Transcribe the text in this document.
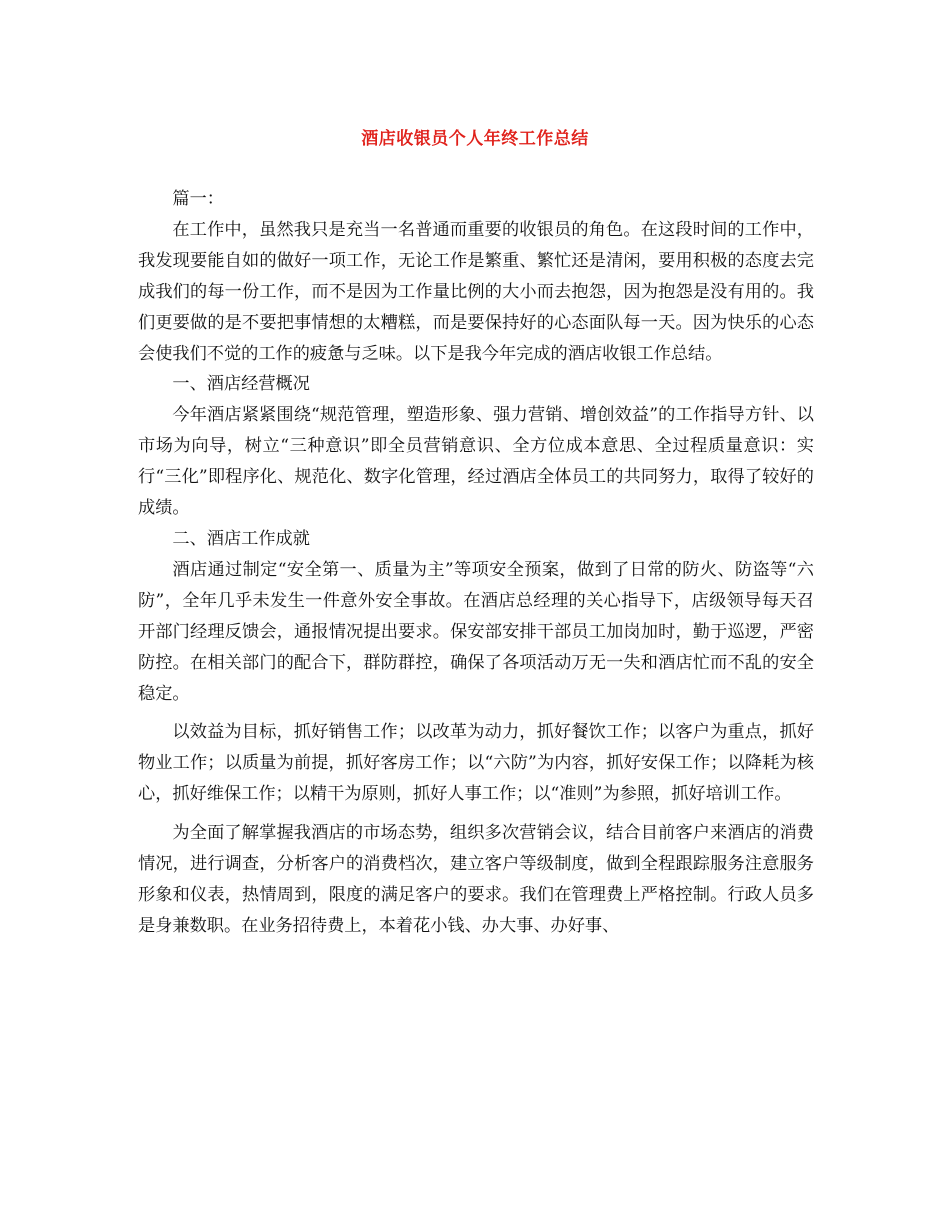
酒店收银员个人年终工作总结

篇一：

在工作中，虽然我只是充当一名普通而重要的收银员的角色。在这段时间的工作中，我发现要能自如的做好一项工作，无论工作是繁重、繁忙还是清闲，要用积极的态度去完成我们的每一份工作，而不是因为工作量比例的大小而去抱怨，因为抱怨是没有用的。我们更要做的是不要把事情想的太糟糕，而是要保持好的心态面队每一天。因为快乐的心态会使我们不觉的工作的疲惫与乏味。以下是我今年完成的酒店收银工作总结。

一、酒店经营概况

今年酒店紧紧围绕“规范管理，塑造形象、强力营销、增创效益”的工作指导方针、以市场为向导，树立“三种意识”即全员营销意识、全方位成本意思、全过程质量意识：实行“三化”即程序化、规范化、数字化管理，经过酒店全体员工的共同努力，取得了较好的成绩。

二、酒店工作成就

酒店通过制定“安全第一、质量为主”等项安全预案，做到了日常的防火、防盗等“六防”，全年几乎未发生一件意外安全事故。在酒店总经理的关心指导下，店级领导每天召开部门经理反馈会，通报情况提出要求。保安部安排干部员工加岗加时，勤于巡逻，严密防控。在相关部门的配合下，群防群控，确保了各项活动万无一失和酒店忙而不乱的安全稳定。

以效益为目标，抓好销售工作；以改革为动力，抓好餐饮工作；以客户为重点，抓好物业工作；以质量为前提，抓好客房工作；以“六防”为内容，抓好安保工作；以降耗为核心，抓好维保工作；以精干为原则，抓好人事工作；以“准则”为参照，抓好培训工作。

为全面了解掌握我酒店的市场态势，组织多次营销会议，结合目前客户来酒店的消费情况，进行调查，分析客户的消费档次，建立客户等级制度，做到全程跟踪服务注意服务形象和仪表，热情周到，限度的满足客户的要求。我们在管理费上严格控制。行政人员多是身兼数职。在业务招待费上，本着花小钱、办大事、办好事、
